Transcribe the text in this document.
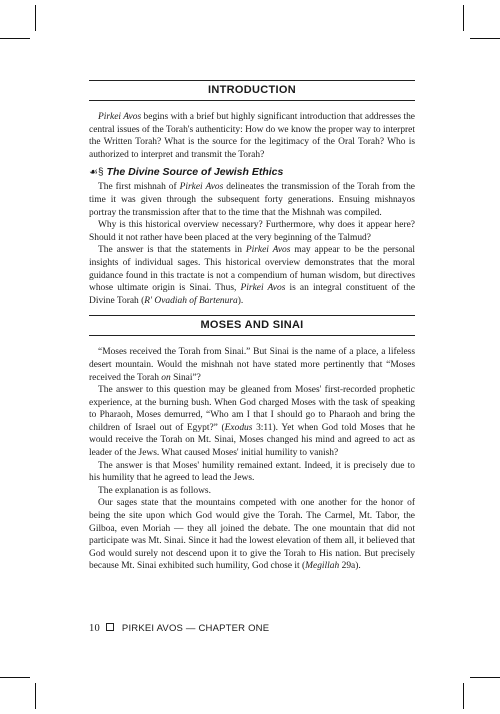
INTRODUCTION

Pirkei Avos begins with a brief but highly significant introduction that addresses the central issues of the Torah's authenticity: How do we know the proper way to interpret the Written Torah? What is the source for the legitimacy of the Oral Torah? Who is authorized to interpret and transmit the Torah?

☙§ The Divine Source of Jewish Ethics

The first mishnah of Pirkei Avos delineates the transmission of the Torah from the time it was given through the subsequent forty generations. Ensuing mishnayos portray the transmission after that to the time that the Mishnah was compiled.

Why is this historical overview necessary? Furthermore, why does it appear here? Should it not rather have been placed at the very beginning of the Talmud?

The answer is that the statements in Pirkei Avos may appear to be the personal insights of individual sages. This historical overview demonstrates that the moral guidance found in this tractate is not a compendium of human wisdom, but directives whose ultimate origin is Sinai. Thus, Pirkei Avos is an integral constituent of the Divine Torah (R' Ovadiah of Bartenura).

MOSES AND SINAI

“Moses received the Torah from Sinai.” But Sinai is the name of a place, a lifeless desert mountain. Would the mishnah not have stated more pertinently that “Moses received the Torah on Sinai”?

The answer to this question may be gleaned from Moses' first-recorded prophetic experience, at the burning bush. When God charged Moses with the task of speaking to Pharaoh, Moses demurred, “Who am I that I should go to Pharaoh and bring the children of Israel out of Egypt?” (Exodus 3:11). Yet when God told Moses that he would receive the Torah on Mt. Sinai, Moses changed his mind and agreed to act as leader of the Jews. What caused Moses' initial humility to vanish?

The answer is that Moses' humility remained extant. Indeed, it is precisely due to his humility that he agreed to lead the Jews.

The explanation is as follows.

Our sages state that the mountains competed with one another for the honor of being the site upon which God would give the Torah. The Carmel, Mt. Tabor, the Gilboa, even Moriah — they all joined the debate. The one mountain that did not participate was Mt. Sinai. Since it had the lowest elevation of them all, it believed that God would surely not descend upon it to give the Torah to His nation. But precisely because Mt. Sinai exhibited such humility, God chose it (Megillah 29a).

10 PIRKEI AVOS — CHAPTER ONE
